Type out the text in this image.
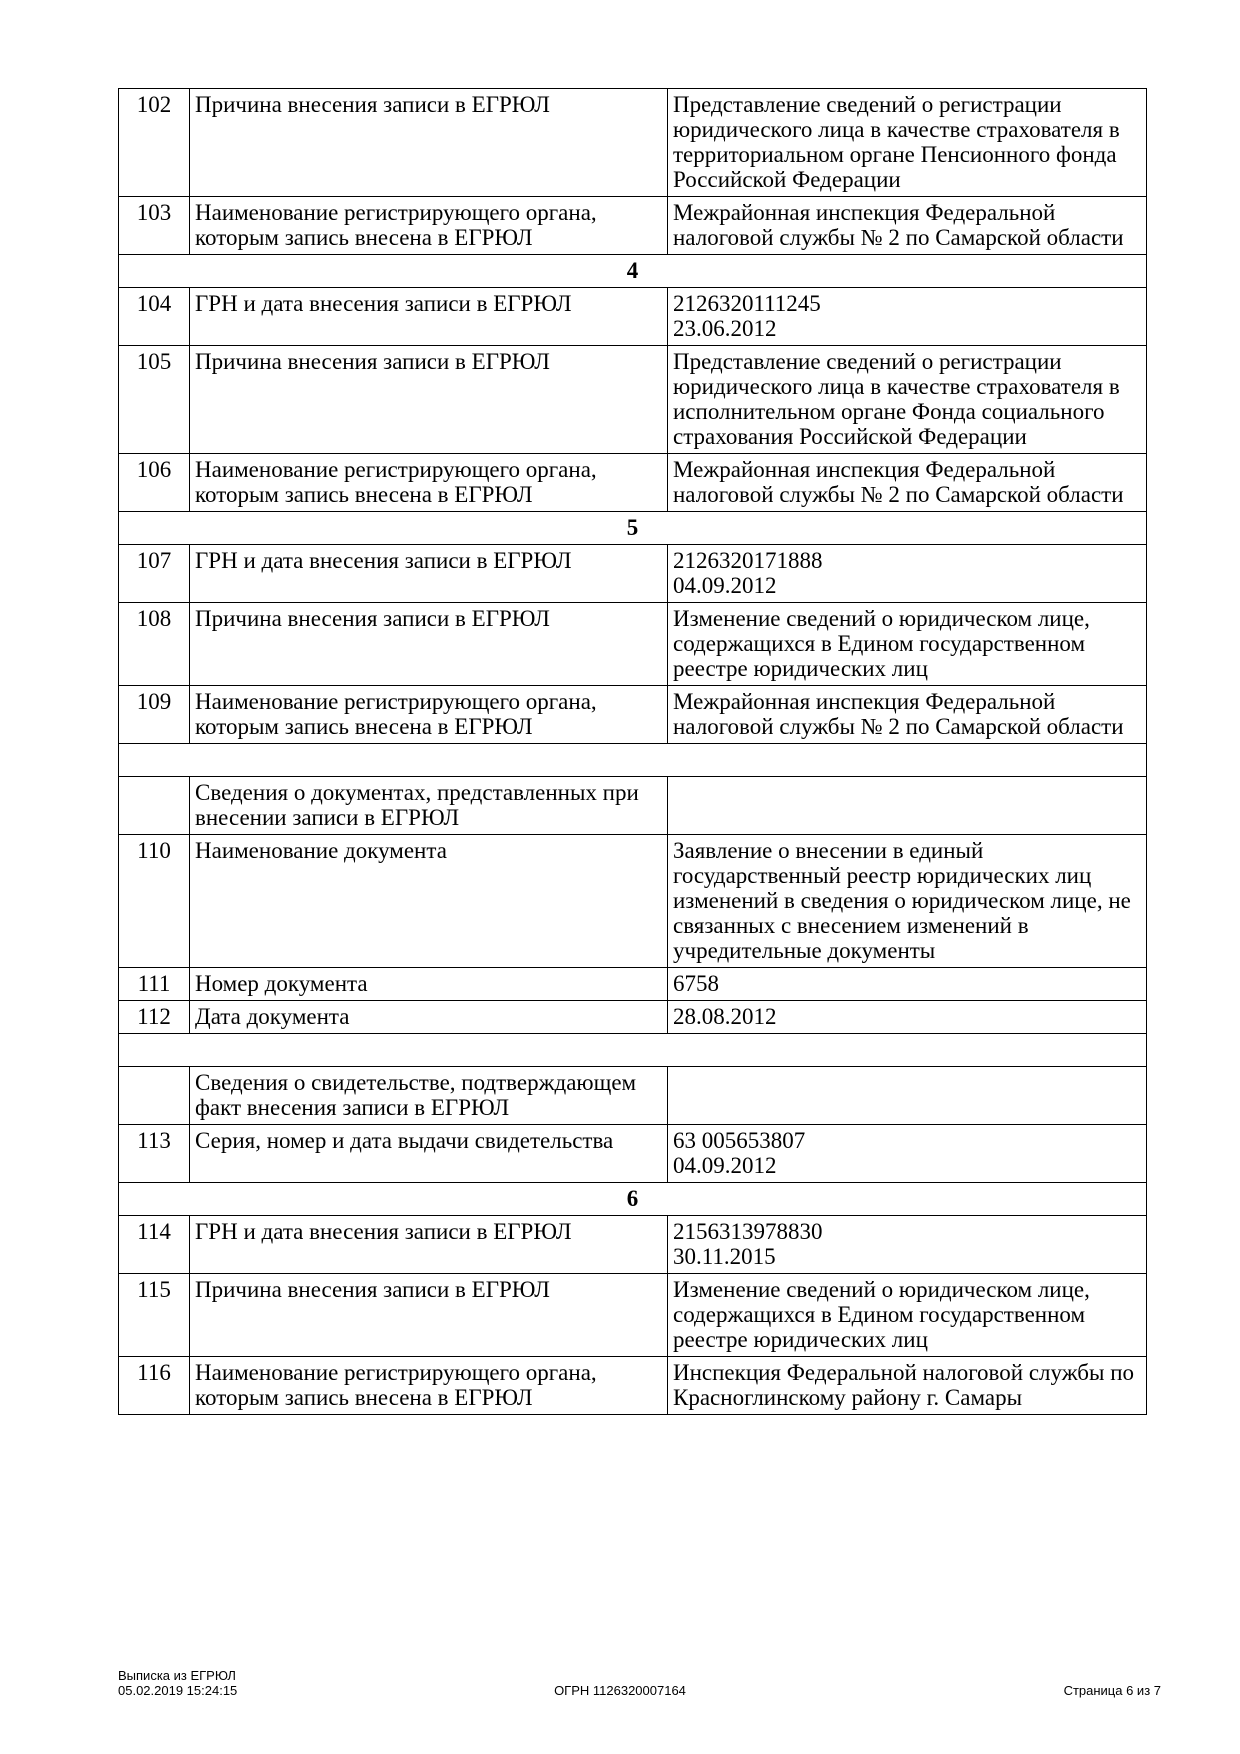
102	Причина внесения записи в ЕГРЮЛ	Представление сведений о регистрации юридического лица в качестве страхователя в территориальном органе Пенсионного фонда Российской Федерации
103	Наименование регистрирующего органа, которым запись внесена в ЕГРЮЛ	Межрайонная инспекция Федеральной налоговой службы № 2 по Самарской области
4		
104	ГРН и дата внесения записи в ЕГРЮЛ	2126320111245
23.06.2012
105	Причина внесения записи в ЕГРЮЛ	Представление сведений о регистрации юридического лица в качестве страхователя в исполнительном органе Фонда социального страхования Российской Федерации
106	Наименование регистрирующего органа, которым запись внесена в ЕГРЮЛ	Межрайонная инспекция Федеральной налоговой службы № 2 по Самарской области
5		
107	ГРН и дата внесения записи в ЕГРЮЛ	2126320171888
04.09.2012
108	Причина внесения записи в ЕГРЮЛ	Изменение сведений о юридическом лице, содержащихся в Едином государственном реестре юридических лиц
109	Наименование регистрирующего органа, которым запись внесена в ЕГРЮЛ	Межрайонная инспекция Федеральной налоговой службы № 2 по Самарской области

	Сведения о документах, представленных при внесении записи в ЕГРЮЛ	
110	Наименование документа	Заявление о внесении в единый государственный реестр юридических лиц изменений в сведения о юридическом лице, не связанных с внесением изменений в учредительные документы
111	Номер документа	6758
112	Дата документа	28.08.2012

	Сведения о свидетельстве, подтверждающем факт внесения записи в ЕГРЮЛ	
113	Серия, номер и дата выдачи свидетельства	63 005653807
04.09.2012
6		
114	ГРН и дата внесения записи в ЕГРЮЛ	2156313978830
30.11.2015
115	Причина внесения записи в ЕГРЮЛ	Изменение сведений о юридическом лице, содержащихся в Едином государственном реестре юридических лиц
116	Наименование регистрирующего органа, которым запись внесена в ЕГРЮЛ	Инспекция Федеральной налоговой службы по Красноглинскому району г. Самары
Выписка из ЕГРЮЛ
05.02.2019 15:24:15	ОГРН 1126320007164	Страница 6 из 7
